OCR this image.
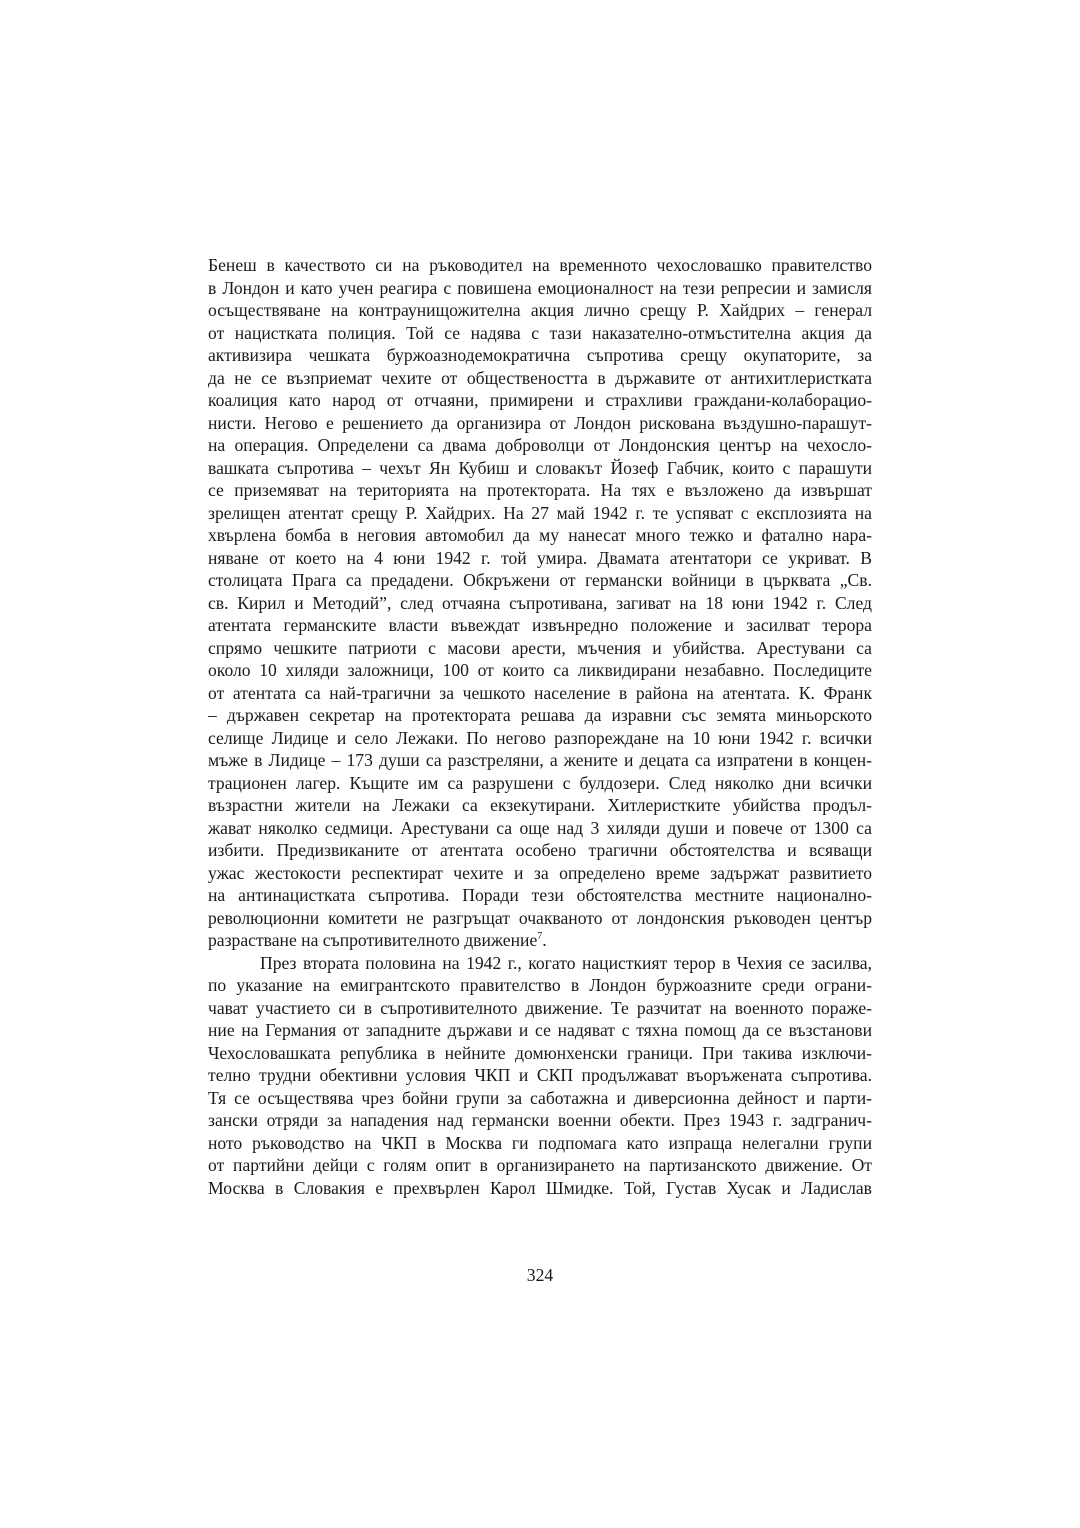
Бенеш в качеството си на ръководител на временното чехословашко правителство
в Лондон и като учен реагира с повишена емоционалност на тези репресии и замисля
осъществяване на контраунищожителна акция лично срещу Р. Хайдрих – генерал
от нацистката полиция. Той се надява с тази наказателно-отмъстителна акция да
активизира чешката буржоазнодемократична съпротива срещу окупаторите, за
да не се възприемат чехите от обществеността в държавите от антихитлеристката
коалиция като народ от отчаяни, примирени и страхливи граждани-колаборацио-
нисти. Негово е решението да организира от Лондон рискована въздушно-парашут-
на операция. Определени са двама доброволци от Лондонския център на чехосло-
вашката съпротива – чехът Ян Кубиш и словакът Йозеф Габчик, които с парашути
се приземяват на територията на протектората. На тях е възложено да извършат
зрелищен атентат срещу Р. Хайдрих. На 27 май 1942 г. те успяват с експлозията на
хвърлена бомба в неговия автомобил да му нанесат много тежко и фатално нара-
няване от което на 4 юни 1942 г. той умира. Двамата атентатори се укриват. В
столицата Прага са предадени. Обкръжени от германски войници в църквата „Св.
св. Кирил и Методий”, след отчаяна съпротивана, загиват на 18 юни 1942 г. След
атентата германските власти въвеждат извънредно положение и засилват терора
спрямо чешките патриоти с масови арести, мъчения и убийства. Арестувани са
около 10 хиляди заложници, 100 от които са ликвидирани незабавно. Последиците
от атентата са най-трагични за чешкото население в района на атентата. К. Франк
– държавен секретар на протектората решава да изравни със земята миньорското
селище Лидице и село Лежаки. По негово разпореждане на 10 юни 1942 г. всички
мъже в Лидице – 173 души са разстреляни, а жените и децата са изпратени в концен-
трационен лагер. Къщите им са разрушени с булдозери. След няколко дни всички
възрастни жители на Лежаки са екзекутирани. Хитлеристките убийства продъл-
жават няколко седмици. Арестувани са още над 3 хиляди души и повече от 1300 са
избити. Предизвиканите от атентата особено трагични обстоятелства и всяващи
ужас жестокости респектират чехите и за определено време задържат развитието
на антинацистката съпротива. Поради тези обстоятелства местните национално-
революционни комитети не разгръщат очакваното от лондонския ръководен център
разрастване на съпротивителното движение$^7$.

През втората половина на 1942 г., когато нацисткият терор в Чехия се засилва,
по указание на емигрантското правителство в Лондон буржоазните среди ограни-
чават участието си в съпротивителното движение. Те разчитат на военното пораже-
ние на Германия от западните държави и се надяват с тяхна помощ да се възстанови
Чехословашката република в нейните домюнхенски граници. При такива изключи-
телно трудни обективни условия ЧКП и СКП продължават въоръжената съпротива.
Тя се осъществява чрез бойни групи за саботажна и диверсионна дейност и парти-
зански отряди за нападения над германски военни обекти. През 1943 г. задгранич-
ното ръководство на ЧКП в Москва ги подпомага като изпраща нелегални групи
от партийни дейци с голям опит в организирането на партизанското движение. От
Москва в Словакия е прехвърлен Карол Шмидке. Той, Густав Хусак и Ладислав

324
